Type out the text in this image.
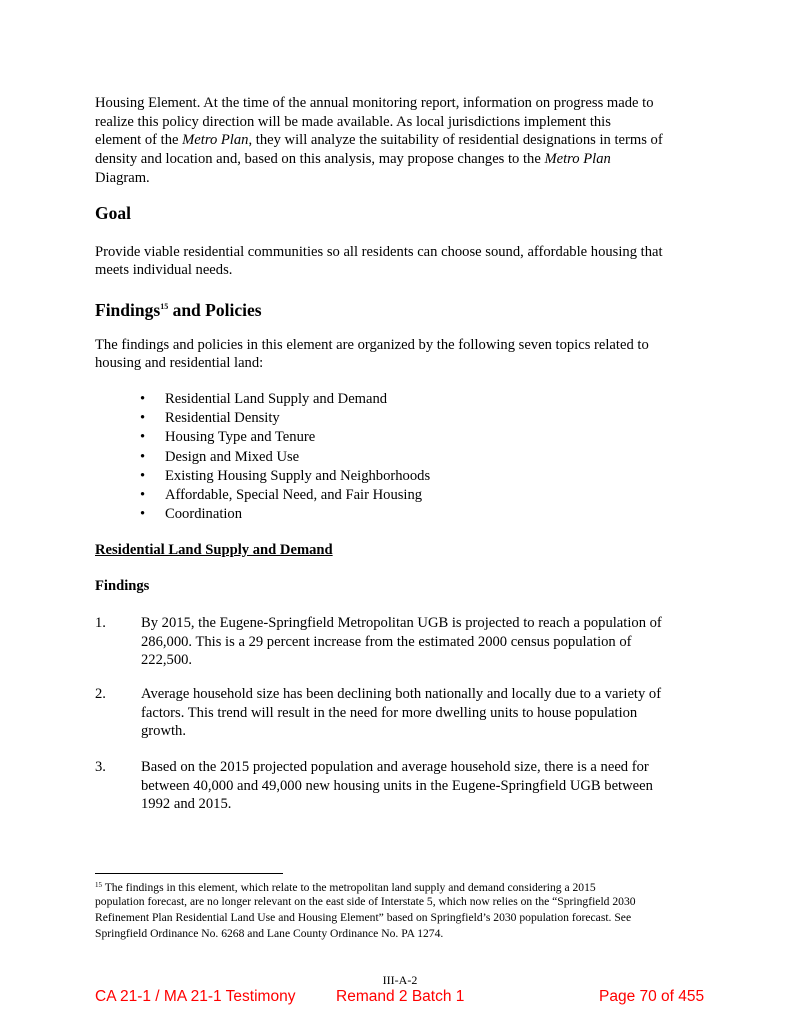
Housing Element. At the time of the annual monitoring report, information on progress made to
realize this policy direction will be made available. As local jurisdictions implement this
element of the Metro Plan, they will analyze the suitability of residential designations in terms of
density and location and, based on this analysis, may propose changes to the Metro Plan
Diagram.
Goal
Provide viable residential communities so all residents can choose sound, affordable housing that
meets individual needs.
Findings$^{15}$ and Policies
The findings and policies in this element are organized by the following seven topics related to
housing and residential land:
• Residential Land Supply and Demand
• Residential Density
• Housing Type and Tenure
• Design and Mixed Use
• Existing Housing Supply and Neighborhoods
• Affordable, Special Need, and Fair Housing
• Coordination
Residential Land Supply and Demand
Findings
1. By 2015, the Eugene-Springfield Metropolitan UGB is projected to reach a population of
286,000. This is a 29 percent increase from the estimated 2000 census population of
222,500.
2. Average household size has been declining both nationally and locally due to a variety of
factors. This trend will result in the need for more dwelling units to house population
growth.
3. Based on the 2015 projected population and average household size, there is a need for
between 40,000 and 49,000 new housing units in the Eugene-Springfield UGB between
1992 and 2015.
$^{15}$ The findings in this element, which relate to the metropolitan land supply and demand considering a 2015
population forecast, are no longer relevant on the east side of Interstate 5, which now relies on the “Springfield 2030
Refinement Plan Residential Land Use and Housing Element” based on Springfield’s 2030 population forecast. See
Springfield Ordinance No. 6268 and Lane County Ordinance No. PA 1274.
III-A-2
CA 21-1 / MA 21-1 Testimony	Remand 2 Batch 1	Page 70 of 455
